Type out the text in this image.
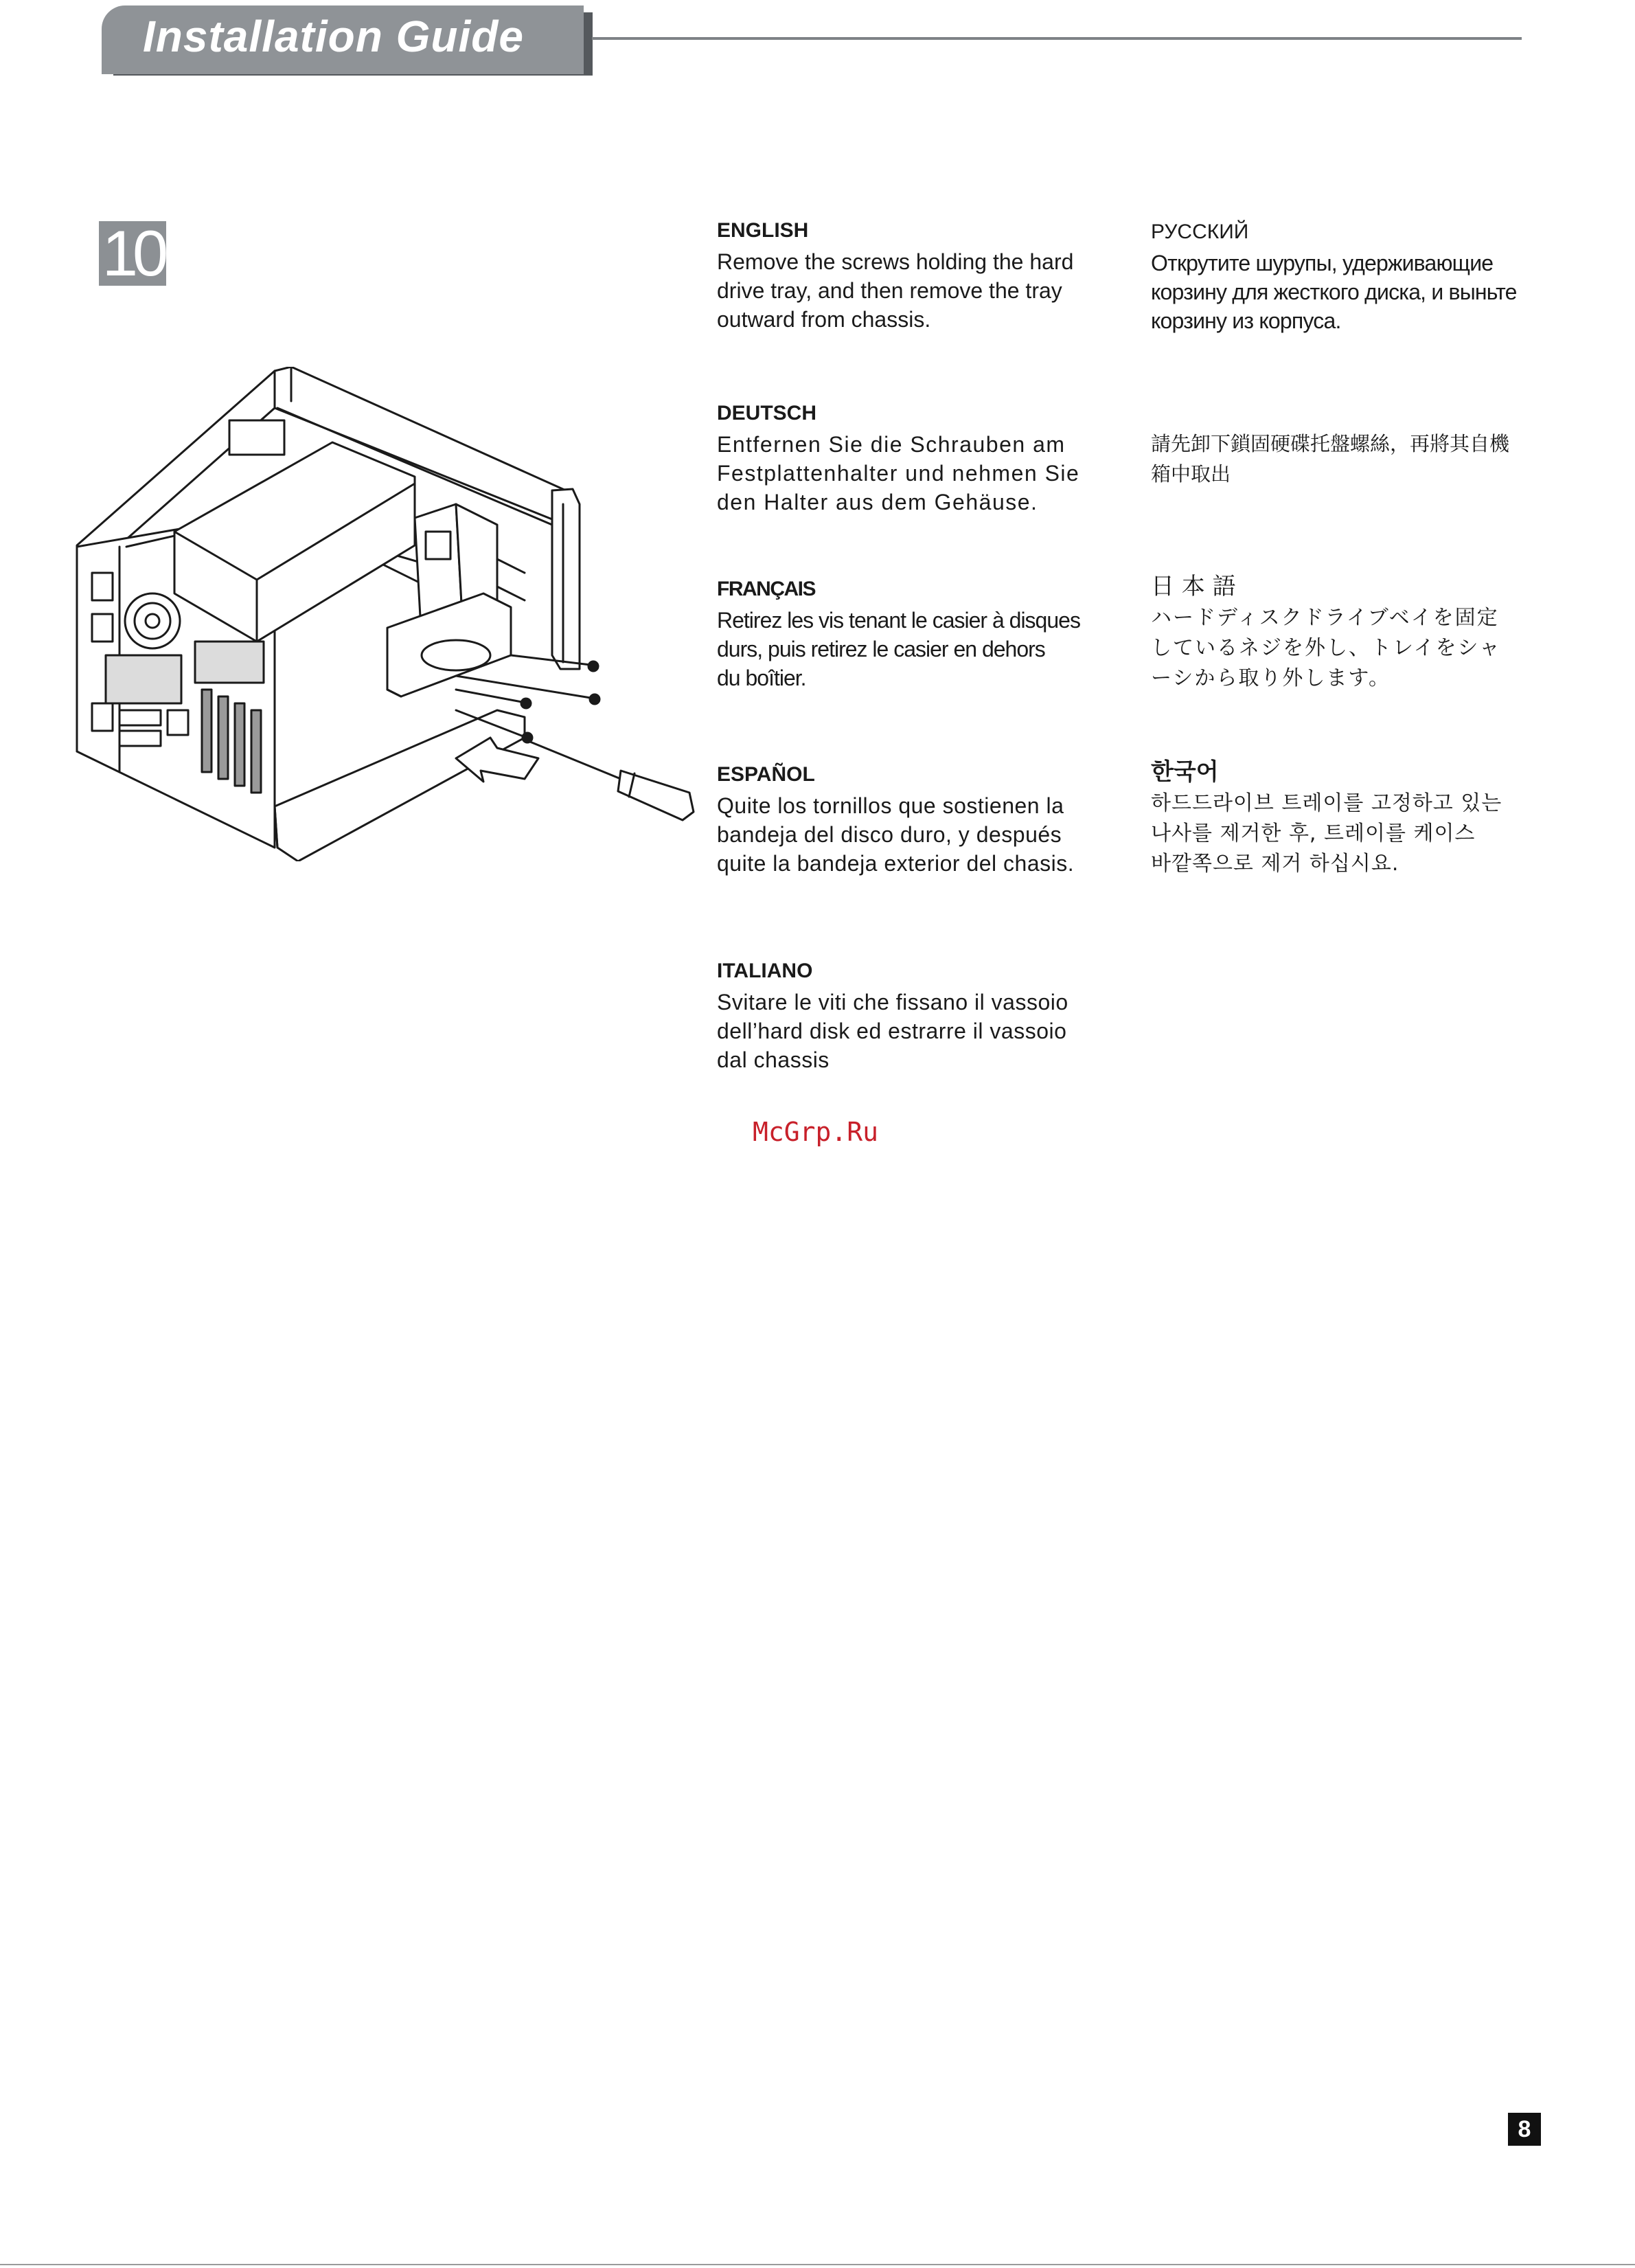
Installation Guide
10	ENGLISH

Remove the screws holding the hard
drive tray, and then remove the tray
outward from chassis.

DEUTSCH

Entfernen Sie die Schrauben am
Festplattenhalter und nehmen Sie
den Halter aus dem Gehäuse.

FRANÇAIS

Retirez les vis tenant le casier à disques
durs, puis retirez le casier en dehors
du boîtier.

ESPAÑOL

Quite los tornillos que sostienen la
bandeja del disco duro, y después
quite la bandeja exterior del chasis.

ITALIANO

Svitare le viti che fissano il vassoio
dell’hard disk ed estrarre il vassoio
dal chassis

РУССКИЙ

Открутите шурупы, удерживающие
корзину для жесткого диска, и выньте
корзину из корпуса.

請先卸下鎖固硬碟托盤螺絲，再將其自機
箱中取出

日 本 語

ハードディスクドライブベイを固定
しているネジを外し、トレイをシャ
ーシから取り外します。

한국어

하드드라이브 트레이를 고정하고 있는
나사를 제거한 후, 트레이를 케이스
바깥쪽으로 제거 하십시요.

McGrp.Ru
8
